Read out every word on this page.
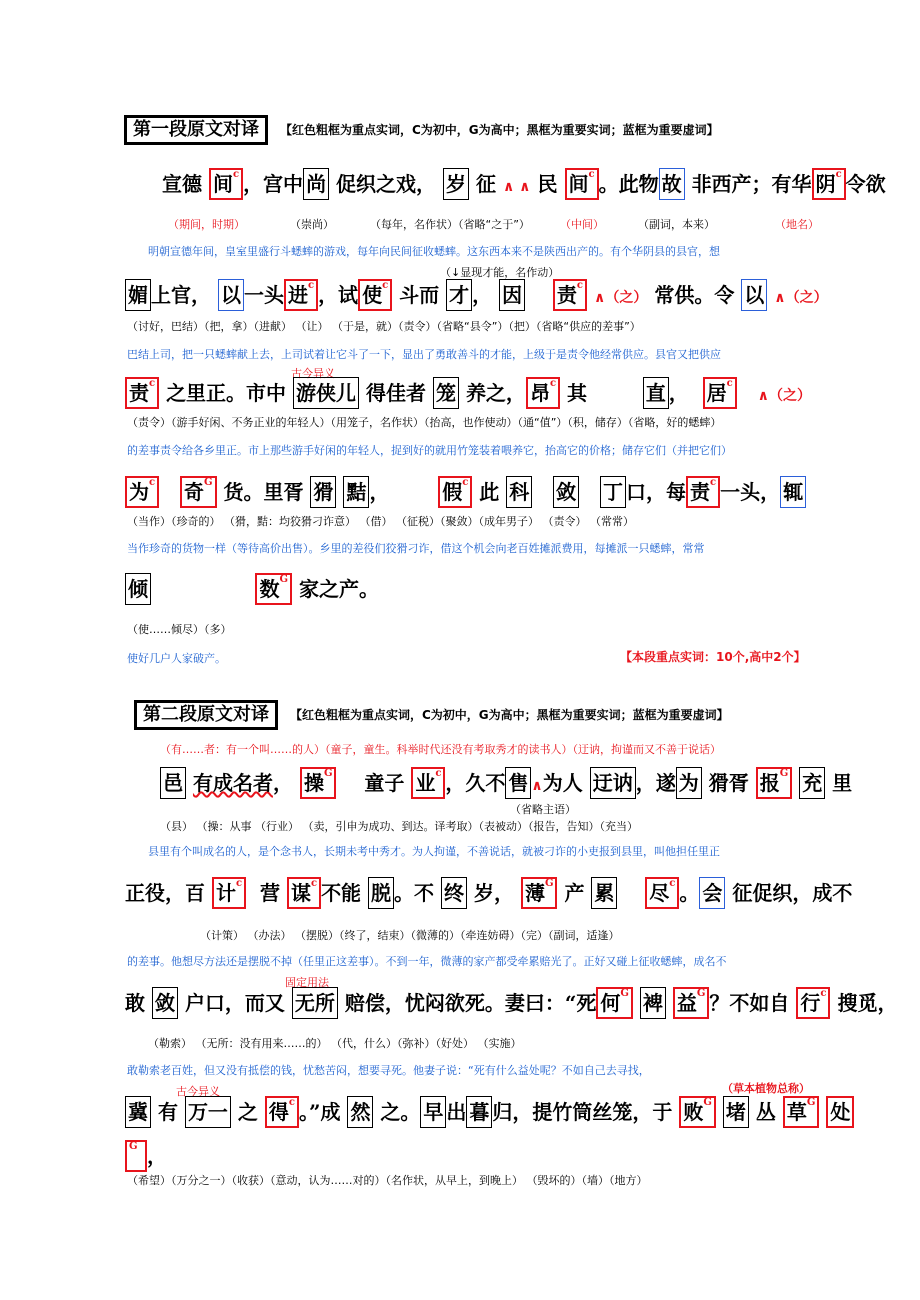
第一段原文对译	【红色粗框为重点实词，C为初中，G为高中；黑框为重要实词；蓝框为重要虚词】
宣德 间$^c$ ，宫中 尚 促织之戏， 岁 征 ∧ ∧ 民 间$^c$ 。此物 故 非西产；有华 阴$^c$ 令欲
（期间，时期）	（崇尚）	（每年，名作状）（省略“之于”）	（中间）	（副词，本来）	（地名）
明朝宣德年间，皇室里盛行斗蟋蟀的游戏，每年向民间征收蟋蟀。这东西本来不是陕西出产的。有个华阴县的县官，想
（↓显现才能，名作动）
媚 上官， 以 一头 进$^c$ ，试 使$^c$ 斗而 才 ， 因 责$^c$ ∧（之） 常供。令 以 ∧（之）
（讨好，巴结）（把，拿）（进献） （让） （于是，就）（责令）（省略“县令”）（把）（省略“供应的差事”）
巴结上司，把一只蟋蟀献上去，上司试着让它斗了一下，显出了勇敢善斗的才能，上级于是责令他经常供应。县官又把供应
古今异义
责$^c$ 之里正。市中 游侠儿 得佳者 笼 养之， 昂$^c$ 其	直 ， 居$^c$   ∧（之）
（责令）（游手好闲、不务正业的年轻人）（用笼子，名作状）（抬高，也作使动）（通“值”）（积，储存）（省略，好的蟋蟀）
的差事责令给各乡里正。市上那些游手好闲的年轻人，捉到好的就用竹笼装着喂养它，抬高它的价格；储存它们（并把它们）
为$^c$ 奇$^G$ 货。里胥 猾 黠 ，	假$^c$ 此 科 敛 丁 口，每 责$^c$ 一头， 辄
（当作）（珍奇的） （猾，黠：均狡猾刁诈意） （借） （征税）（聚敛）（成年男子） （责令） （常常）
当作珍奇的货物一样（等待高价出售）。乡里的差役们狡猾刁诈，借这个机会向老百姓摊派费用，每摊派一只蟋蟀，常常
倾	数$^G$ 家之产。
（使……倾尽）（多）
使好几户人家破产。	【本段重点实词：10个,高中2个】
第二段原文对译	【红色粗框为重点实词，C为初中，G为高中；黑框为重要实词；蓝框为重要虚词】
（有……者：有一个叫……的人）（童子，童生。科举时代还没有考取秀才的读书人）（迂讷，拘谨而又不善于说话）
邑 有成名者， 操$^G$ 童子 业$^c$ ，久不 售 ∧为人 迂讷 ，遂 为 猾胥 报$^G$ 充 里
（省略主语）
（县） （操：从事 （行业） （卖，引申为成功、到达。译考取）（表被动）（报告，告知）（充当）
县里有个叫成名的人，是个念书人，长期未考中秀才。为人拘谨，不善说话，就被刁诈的小吏报到县里，叫他担任里正
正役，百 计$^c$ 营 谋$^c$ 不能 脱 。不 终 岁， 薄$^G$ 产 累 尽$^c$ 。 会 征促织，成不
（计策） （办法） （摆脱）（终了，结束）（微薄的）（牵连妨碍）（完）（副词，适逢）
的差事。他想尽方法还是摆脱不掉（任里正这差事）。不到一年，微薄的家产都受牵累赔光了。正好又碰上征收蟋蟀，成名不
固定用法
敢 敛 户口，而又 无所 赔偿，忧闷欲死。妻曰：“死 何$^G$ 裨 益$^G$ ？不如自 行$^c$ 搜觅，
（勒索） （无所：没有用来……的） （代，什么）（弥补）（好处） （实施）
敢勒索老百姓，但又没有抵偿的钱，忧愁苦闷，想要寻死。他妻子说：“死有什么益处呢？不如自己去寻找，
古今异义	（草本植物总称）
冀 有 万一 之 得$^c$ 。”成 然 之。 早 出 暮 归，提竹筒丝笼，于 败$^G$ 堵 丛 草$^G$ 处
$^G$ ，
（希望）（万分之一）（收获）（意动，认为……对的）（名作状，从早上，到晚上） （毁坏的）（墙）（地方）
